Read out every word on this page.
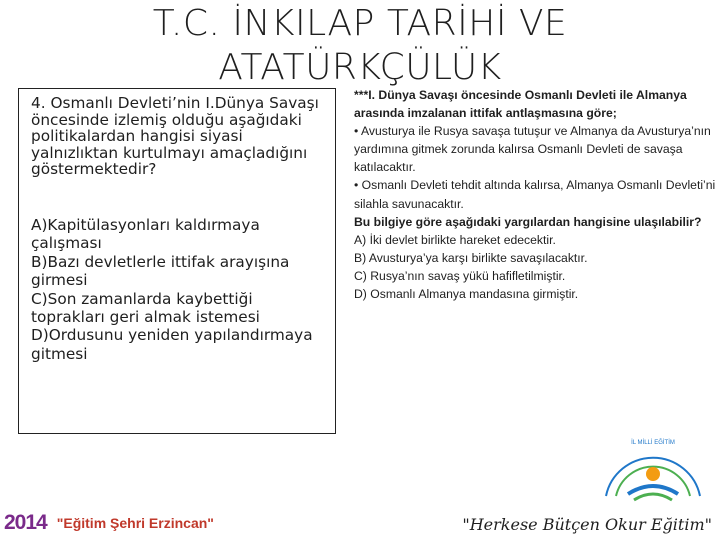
T.C. İNKILAP TARİHİ VE
ATATÜRKÇÜLÜK

4. Osmanlı Devleti’nin I.Dünya Savaşı öncesinde izlemiş olduğu aşağıdaki politikalardan hangisi siyasi yalnızlıktan kurtulmayı amaçladığını göstermektedir?

A)Kapitülasyonları kaldırmaya çalışması

B)Bazı devletlerle ittifak arayışına girmesi

C)Son zamanlarda kaybettiği toprakları geri almak istemesi

D)Ordusunu yeniden yapılandırmaya gitmesi

***I. Dünya Savaşı öncesinde Osmanlı Devleti ile Almanya arasında imzalanan ittifak antlaşmasına göre;

• Avusturya ile Rusya savaşa tutuşur ve Almanya da Avusturya’nın yardımına gitmek zorunda kalırsa Osmanlı Devleti de savaşa katılacaktır.

• Osmanlı Devleti tehdit altında kalırsa, Almanya Osmanlı Devleti’ni silahla savunacaktır.

Bu bilgiye göre aşağıdaki yargılardan hangisine ulaşılabilir?

A) İki devlet birlikte hareket edecektir.

B) Avusturya’ya karşı birlikte savaşılacaktır.

C) Rusya’nın savaş yükü hafifletilmiştir.

D) Osmanlı Almanya mandasına girmiştir.

İL MİLLİ EĞİTİM
2014 "Eğitim Şehri Erzincan"	"Herkese Bütçen Okur Eğitim"
